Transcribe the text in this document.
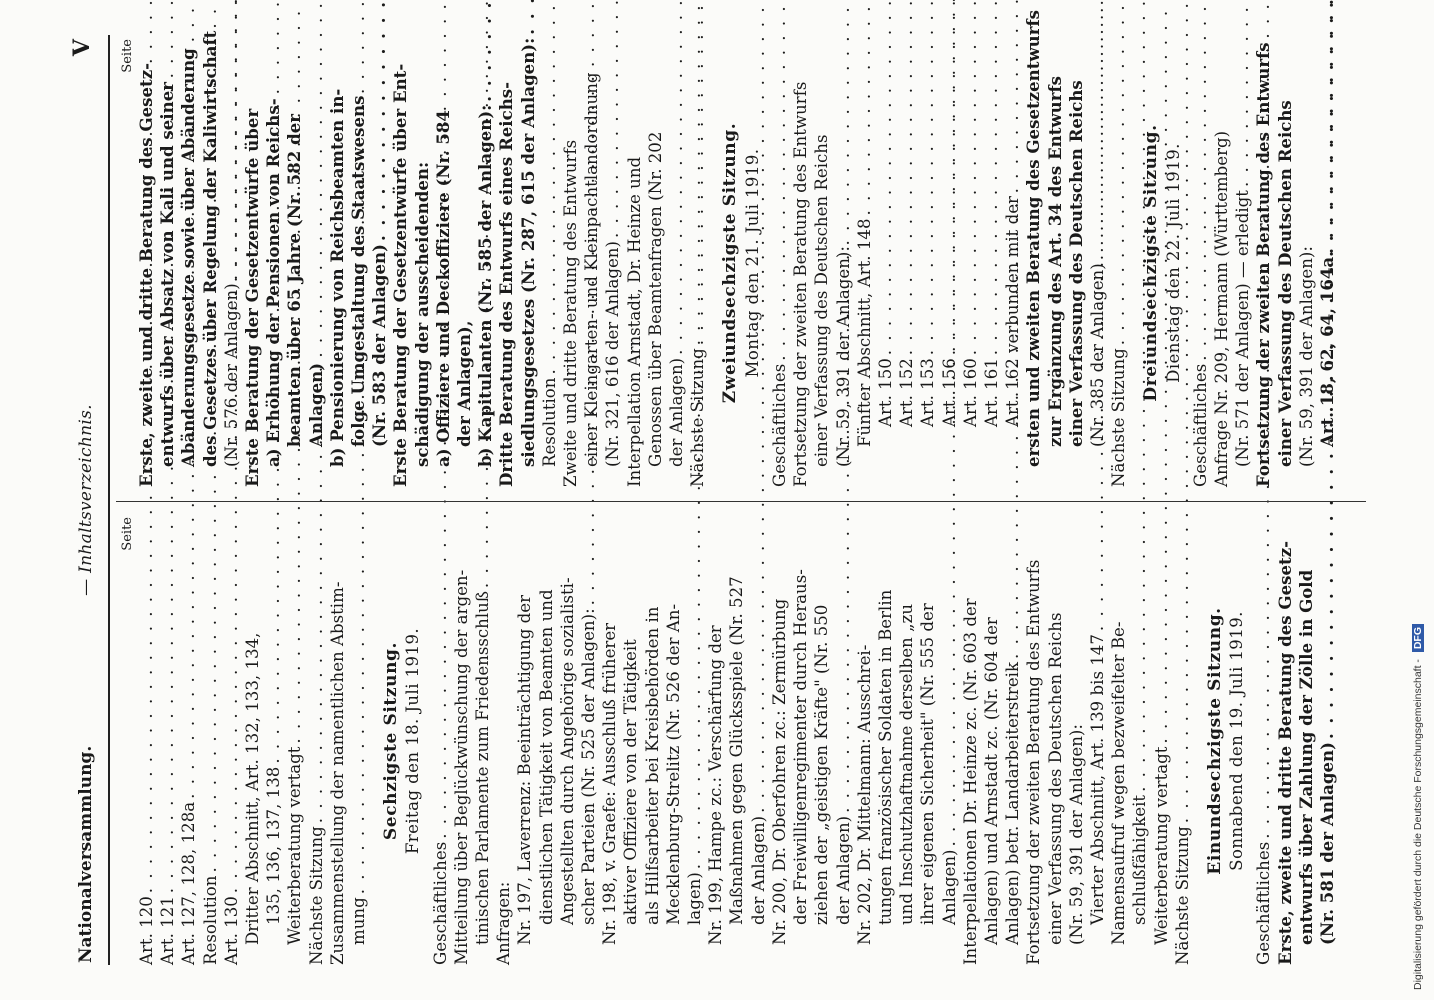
Nationalversammlung.
— Inhaltsverzeichnis.
V
Seite
Art. 120
. . . Art. 121 . . . Art. 127, 128, 128a
. . . Resolution
. . . Art. 130 . . . Dritter Abschnitt, Art. 132, 133, 134, 135, 136, 137, 138
. . . Weiterberatung vertagt
. . . Nächste Sitzung . . . Zusammenstellung der namentlichen Abstim- mung
. . .
Sechzigste Sitzung. Freitag den 18. Juli 1919.
Geschäftliches . . . Mitteilung über Beglückwünschung der argen- tinischen Parlamente zum Friedensschluß
. . . Anfragen: Nr. 197, Laverrenz: Beeinträchtigung der dienstlichen Tätigkeit von Beamten und Angestellten durch Angehörige sozialisti- scher Parteien (Nr. 525 der Anlagen):
. . . Nr. 198, v. Graefe: Ausschluß früherer aktiver Offiziere von der Tätigkeit als Hilfsarbeiter bei Kreisbehörden in Mecklenburg-Strelitz (Nr. 526 der An- lagen) . . . Nr. 199, Hampe zc.: Verschärfung der Maßnahmen gegen Glücksspiele (Nr. 527 der Anlagen) . . . Nr. 200, Dr. Oberfohren zc.: Zermürbung der Freiwilligenregimenter durch Heraus- ziehen der „geistigen Kräfte" (Nr. 550 der Anlagen) . . . Nr. 202, Dr. Mittelmann: Ausschrei- tungen französischer Soldaten in Berlin und Inschutzhaftnahme derselben „zu ihrer eigenen Sicherheit" (Nr. 555 der Anlagen) . . . Interpellationen Dr. Heinze zc. (Nr. 603 der Anlagen) und Arnstadt zc. (Nr. 604 der Anlagen) betr. Landarbeiterstreik
. . . Fortsetzung der zweiten Beratung des Entwurfs einer Verfassung des Deutschen Reichs (Nr. 59, 391 der Anlagen): Vierter Abschnitt, Art. 139 bis 147
. . . Namensaufruf wegen bezweifelter Be- schlußfähigkeit
. . . Weiterberatung vertagt
. . . Nächste Sitzung
. . .
Einundsechzigste Sitzung. Sonnabend den 19. Juli 1919.
Geschäftliches . . . Erste, zweite und dritte Beratung des Gesetz- entwurfs über Zahlung der Zölle in Gold (Nr. 581 der Anlagen)
. . .
Seite
Erste, zweite und dritte Beratung des Gesetz- entwurfs über Absatz von Kali und seiner Abänderungsgesetze sowie über Abänderung des Gesetzes über Regelung der Kaliwirtschaft (Nr. 576 der Anlagen)
. . . Erste Beratung der Gesetzentwürfe über a) Erhöhung der Pensionen von Reichs- beamten über 65 Jahre (Nr. 582 der Anlagen) b) Pensionierung von Reichsbeamten in- folge Umgestaltung des Staatswesens (Nr. 583 der Anlagen)
. . . Erste Beratung der Gesetzentwürfe über Ent- schädigung der ausscheidenden: a) Offiziere und Deckoffiziere (Nr. 584 der Anlagen), b) Kapitulanten (Nr. 585 der Anlagen):
. . . Dritte Beratung des Entwurfs eines Reichs- siedlungsgesetzes (Nr. 287, 615 der Anlagen):
. . . Resolution . . . Zweite und dritte Beratung des Entwurfs einer Kleingarten- und Kleinpachtlandordnung (Nr. 321, 616 der Anlagen)
. . . Interpellation Arnstadt, Dr. Heinze und Genossen über Beamtenfragen (Nr. 202 der Anlagen)
. . . Nächste Sitzung
. . .
Zweiundsechzigste Sitzung. Montag den 21. Juli 1919.
Geschäftliches . . . Fortsetzung der zweiten Beratung des Entwurfs einer Verfassung des Deutschen Reichs (Nr. 59, 391 der Anlagen): Fünfter Abschnitt, Art. 148
. . . Art. 150
. . . Art. 152
. . . Art. 153
. . . Art. 156
. . . Art. 160
. . . Art. 161 . . . Art. 162 verbunden mit der ersten und zweiten Beratung des Gesetzentwurfs zur Ergänzung des Art. 34 des Entwurfs einer Verfassung des Deutschen Reichs (Nr. 385 der Anlagen)
. . . Nächste Sitzung
. . .
Dreiundsechzigste Sitzung. Dienstag den 22. Juli 1919.
Geschäftliches . . . Anfrage Nr. 209, Hermann (Württemberg) (Nr. 571 der Anlagen) — erledigt
. . . Fortsetzung der zweiten Beratung des Entwurfs einer Verfassung des Deutschen Reichs (Nr. 59, 391 der Anlagen): Art. 18, 62, 64, 164a
. . .
Digitalisierung gefördert durch die Deutsche Forschungsgemeinschaft - DFG
